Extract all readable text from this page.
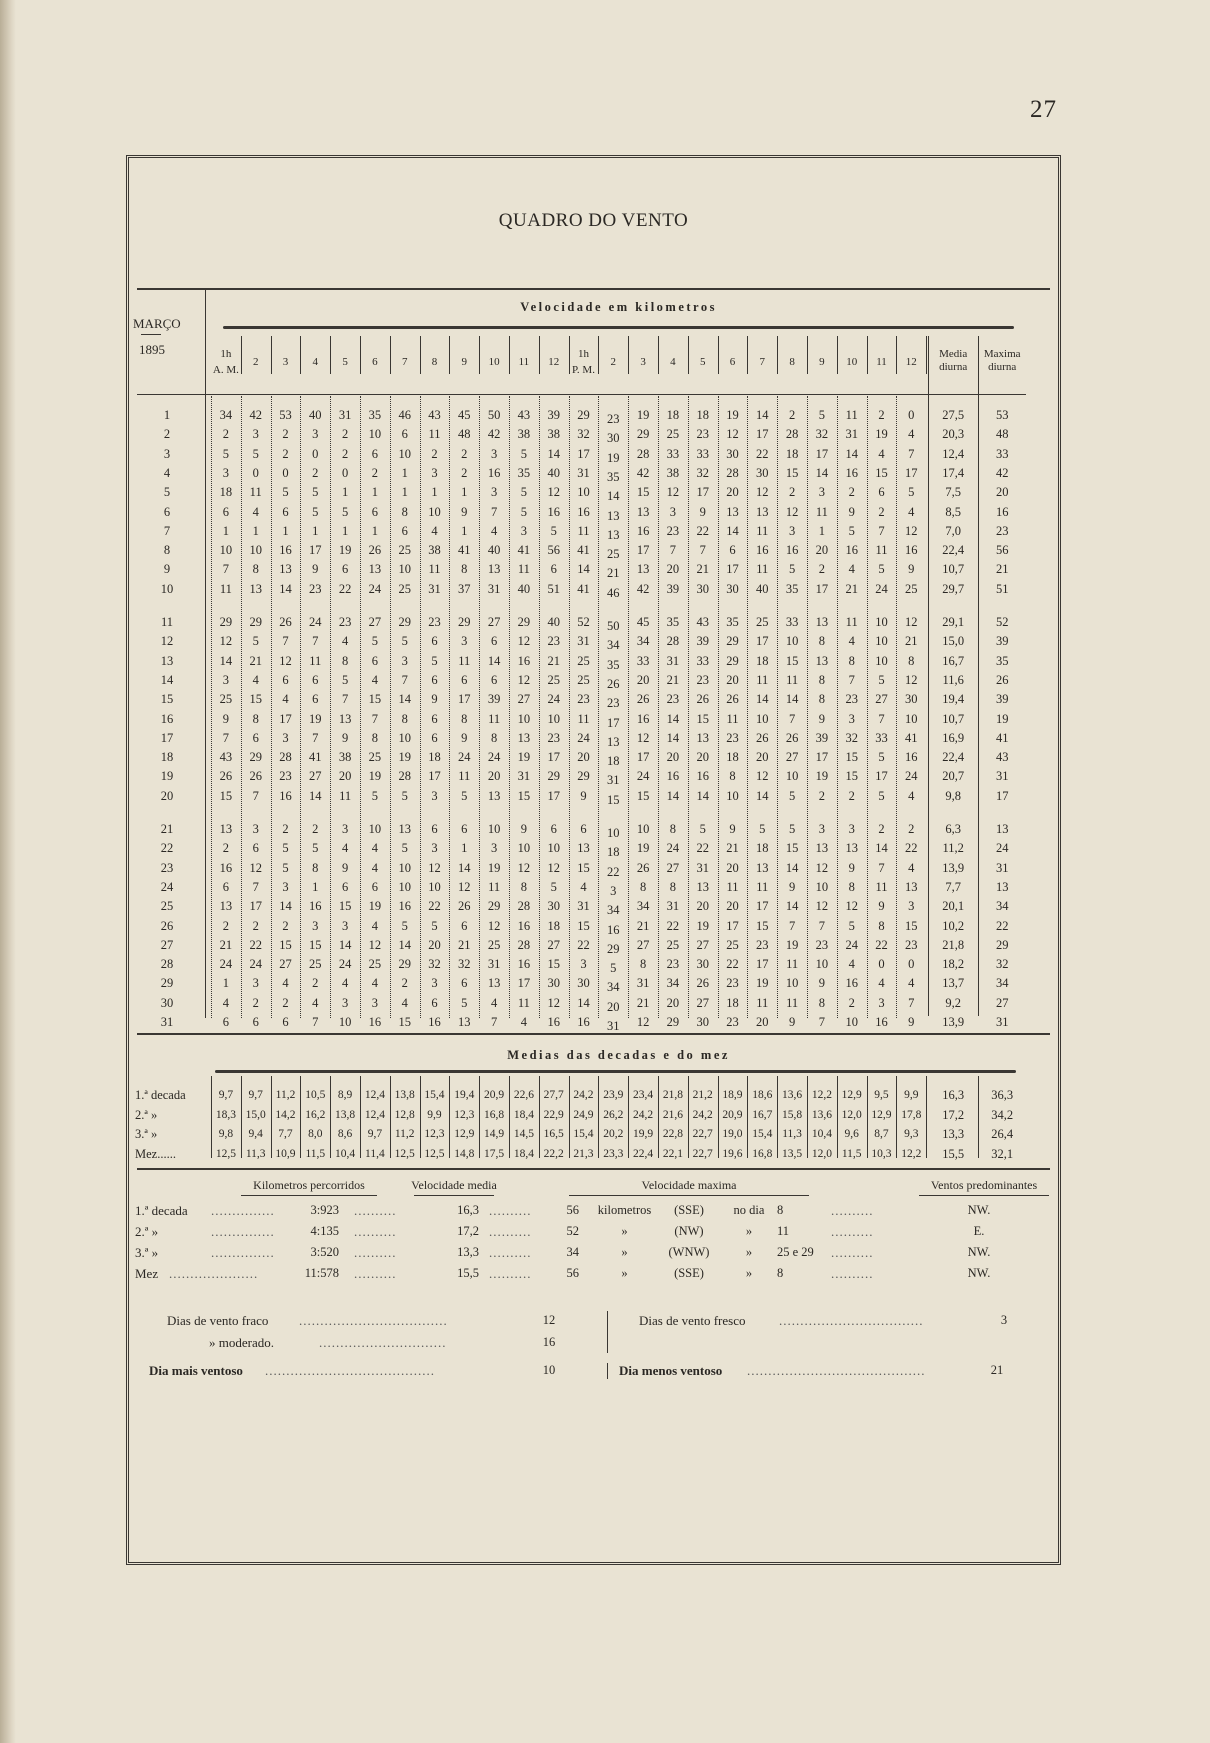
27
QUADRO DO VENTO
MARÇO
1895
Velocidade em kilometros
1h
A. M.
2	3	4	5	6	7	8	9	10	11	12
1h
P. M.
2	3	4	5	6	7	8	9	10	11	12
Media
diurna
Maxima
diurna
1	34	42	53	40	31	35	46	43	45	50	43	39	29	23	19	18	18	19	14	2	5	11	2	0	27,5	53
2	2	3	2	3	2	10	6	11	48	42	38	38	32	30	29	25	23	12	17	28	32	31	19	4	20,3	48
3	5	5	2	0	2	6	10	2	2	3	5	14	17	19	28	33	33	30	22	18	17	14	4	7	12,4	33
4	3	0	0	2	0	2	1	3	2	16	35	40	31	35	42	38	32	28	30	15	14	16	15	17	17,4	42
5	18	11	5	5	1	1	1	1	1	3	5	12	10	14	15	12	17	20	12	2	3	2	6	5	7,5	20
6	6	4	6	5	5	6	8	10	9	7	5	16	16	13	13	3	9	13	13	12	11	9	2	4	8,5	16
7	1	1	1	1	1	1	6	4	1	4	3	5	11	13	16	23	22	14	11	3	1	5	7	12	7,0	23
8	10	10	16	17	19	26	25	38	41	40	41	56	41	25	17	7	7	6	16	16	20	16	11	16	22,4	56
9	7	8	13	9	6	13	10	11	8	13	11	6	14	21	13	20	21	17	11	5	2	4	5	9	10,7	21
10	11	13	14	23	22	24	25	31	37	31	40	51	41	46	42	39	30	30	40	35	17	21	24	25	29,7	51
11	29	29	26	24	23	27	29	23	29	27	29	40	52	50	45	35	43	35	25	33	13	11	10	12	29,1	52
12	12	5	7	7	4	5	5	6	3	6	12	23	31	34	34	28	39	29	17	10	8	4	10	21	15,0	39
13	14	21	12	11	8	6	3	5	11	14	16	21	25	35	33	31	33	29	18	15	13	8	10	8	16,7	35
14	3	4	6	6	5	4	7	6	6	6	12	25	25	26	20	21	23	20	11	11	8	7	5	12	11,6	26
15	25	15	4	6	7	15	14	9	17	39	27	24	23	23	26	23	26	26	14	14	8	23	27	30	19,4	39
16	9	8	17	19	13	7	8	6	8	11	10	10	11	17	16	14	15	11	10	7	9	3	7	10	10,7	19
17	7	6	3	7	9	8	10	6	9	8	13	23	24	13	12	14	13	23	26	26	39	32	33	41	16,9	41
18	43	29	28	41	38	25	19	18	24	24	19	17	20	18	17	20	20	18	20	27	17	15	5	16	22,4	43
19	26	26	23	27	20	19	28	17	11	20	31	29	29	31	24	16	16	8	12	10	19	15	17	24	20,7	31
20	15	7	16	14	11	5	5	3	5	13	15	17	9	15	15	14	14	10	14	5	2	2	5	4	9,8	17
21	13	3	2	2	3	10	13	6	6	10	9	6	6	10	10	8	5	9	5	5	3	3	2	2	6,3	13
22	2	6	5	5	4	4	5	3	1	3	10	10	13	18	19	24	22	21	18	15	13	13	14	22	11,2	24
23	16	12	5	8	9	4	10	12	14	19	12	12	15	22	26	27	31	20	13	14	12	9	7	4	13,9	31
24	6	7	3	1	6	6	10	10	12	11	8	5	4	3	8	8	13	11	11	9	10	8	11	13	7,7	13
25	13	17	14	16	15	19	16	22	26	29	28	30	31	34	34	31	20	20	17	14	12	12	9	3	20,1	34
26	2	2	2	3	3	4	5	5	6	12	16	18	15	16	21	22	19	17	15	7	7	5	8	15	10,2	22
27	21	22	15	15	14	12	14	20	21	25	28	27	22	29	27	25	27	25	23	19	23	24	22	23	21,8	29
28	24	24	27	25	24	25	29	32	32	31	16	15	3	5	8	23	30	22	17	11	10	4	0	0	18,2	32
29	1	3	4	2	4	4	2	3	6	13	17	30	30	34	31	34	26	23	19	10	9	16	4	4	13,7	34
30	4	2	2	4	3	3	4	6	5	4	11	12	14	20	21	20	27	18	11	11	8	2	3	7	9,2	27
31	6	6	6	7	10	16	15	16	13	7	4	16	16	31	12	29	30	23	20	9	7	10	16	9	13,9	31
Medias das decadas e do mez
1.ª decada	9,7	9,7	11,2 10,5	8,9	12,4 13,8 15,4 19,4 20,9 22,6 27,7 24,2 23,9 23,4 21,8 21,2 18,9 18,6 13,6 12,2 12,9	9,5	9,9	16,3	36,3
2.ª »	18,3 15,0 14,2 16,2 13,8 12,4 12,8	9,9	12,3 16,8 18,4 22,9 24,9 26,2 24,2 21,6 24,2 20,9 16,7 15,8 13,6 12,0 12,9 17,8	17,2	34,2
3.ª »	9,8	9,4	7,7	8,0	8,6	9,7	11,2 12,3 12,9 14,9 14,5 16,5 15,4 20,2 19,9 22,8 22,7 19,0 15,4 11,3 10,4	9,6	8,7	9,3	13,3	26,4
Mez......	12,5 11,3 10,9 11,5 10,4 11,4 12,5 12,5 14,8 17,5 18,4 22,2 21,3 23,3 22,4 22,1 22,7 19,6 16,8 13,5 12,0 11,5 10,3 12,2	15,5	32,1
Kilometros percorridos	Velocidade media	Velocidade maxima	Ventos predominantes
1.ª decada ...............	3:923 ..........	16,3 ..........	56	kilometros	(SSE)	no dia	8	..........	NW.
2.ª »	...............	4:135 ..........	17,2 ..........	52	»	(NW)	»	11	..........	E.
3.ª »	...............	3:520 ..........	13,3 ..........	34	»	(WNW)	»	25 e 29	..........	NW.
Mez .....................	11:578 ..........	15,5 ..........	56	»	(SSE)	»	8	..........	NW.
Dias de vento fraco ...................................	12
» moderado.	..............................	16
Dia mais ventoso ........................................	10
Dias de vento fresco	..................................	3
Dia menos ventoso ..........................................	21
